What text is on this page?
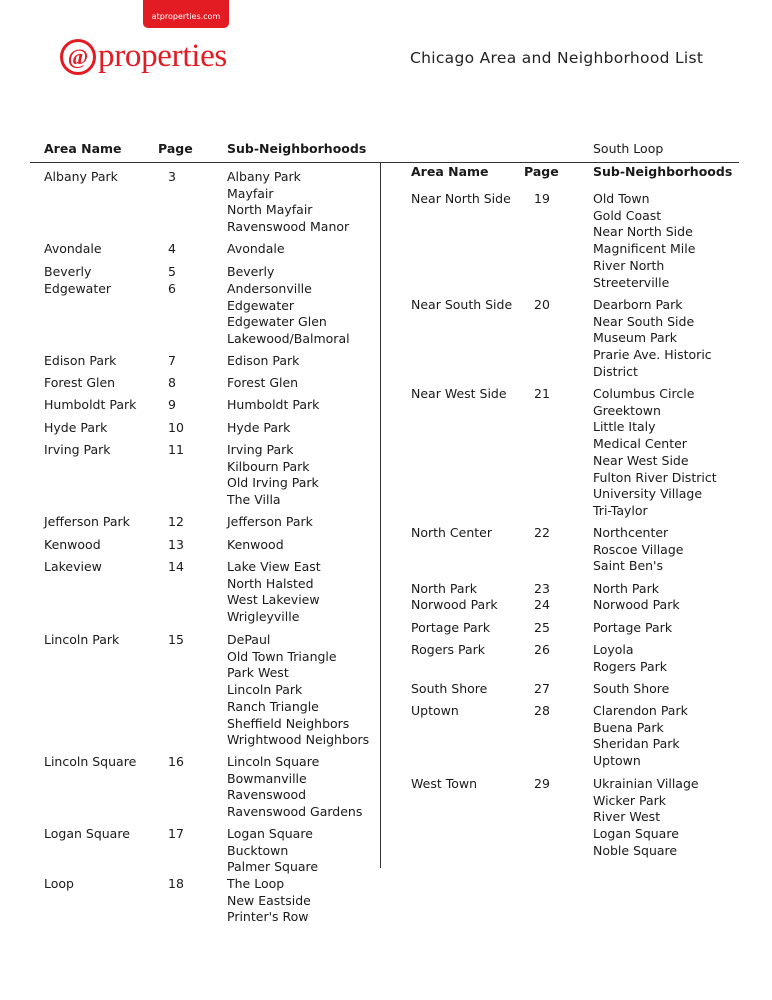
atproperties.com
@ properties	Chicago Area and Neighborhood List
Area Name	Page	Sub-Neighborhoods	South Loop
Area Name	Page	Sub-Neighborhoods
Albany Park	3	Albany Park
Mayfair
North Mayfair
Ravenswood Manor
Avondale	4	Avondale
Beverly	5	Beverly
Edgewater	6	Andersonville
Edgewater
Edgewater Glen
Lakewood/Balmoral
Edison Park	7	Edison Park
Forest Glen	8	Forest Glen
Humboldt Park	9	Humboldt Park
Hyde Park	10	Hyde Park
Irving Park	11	Irving Park
Kilbourn Park
Old Irving Park
The Villa
Jefferson Park	12	Jefferson Park
Kenwood	13	Kenwood
Lakeview	14	Lake View East
North Halsted
West Lakeview
Wrigleyville
Lincoln Park	15	DePaul
Old Town Triangle
Park West
Lincoln Park
Ranch Triangle
Sheffield Neighbors
Wrightwood Neighbors
Lincoln Square	16	Lincoln Square
Bowmanville
Ravenswood
Ravenswood Gardens
Logan Square	17	Logan Square
Bucktown
Palmer Square
Loop	18	The Loop
New Eastside
Printer's Row
Near North Side 19	Old Town
Gold Coast
Near North Side
Magnificent Mile
River North
Streeterville
Near South Side 20	Dearborn Park
Near South Side
Museum Park
Prarie Ave. Historic
District
Near West Side 21	Columbus Circle
Greektown
Little Italy
Medical Center
Near West Side
Fulton River District
University Village
Tri-Taylor
North Center	22	Northcenter
Roscoe Village
Saint Ben's
North Park	23	North Park
Norwood Park	24	Norwood Park
Portage Park	25	Portage Park
Rogers Park	26	Loyola
Rogers Park
South Shore	27	South Shore
Uptown	28	Clarendon Park
Buena Park
Sheridan Park
Uptown
West Town	29	Ukrainian Village
Wicker Park
River West
Logan Square
Noble Square
